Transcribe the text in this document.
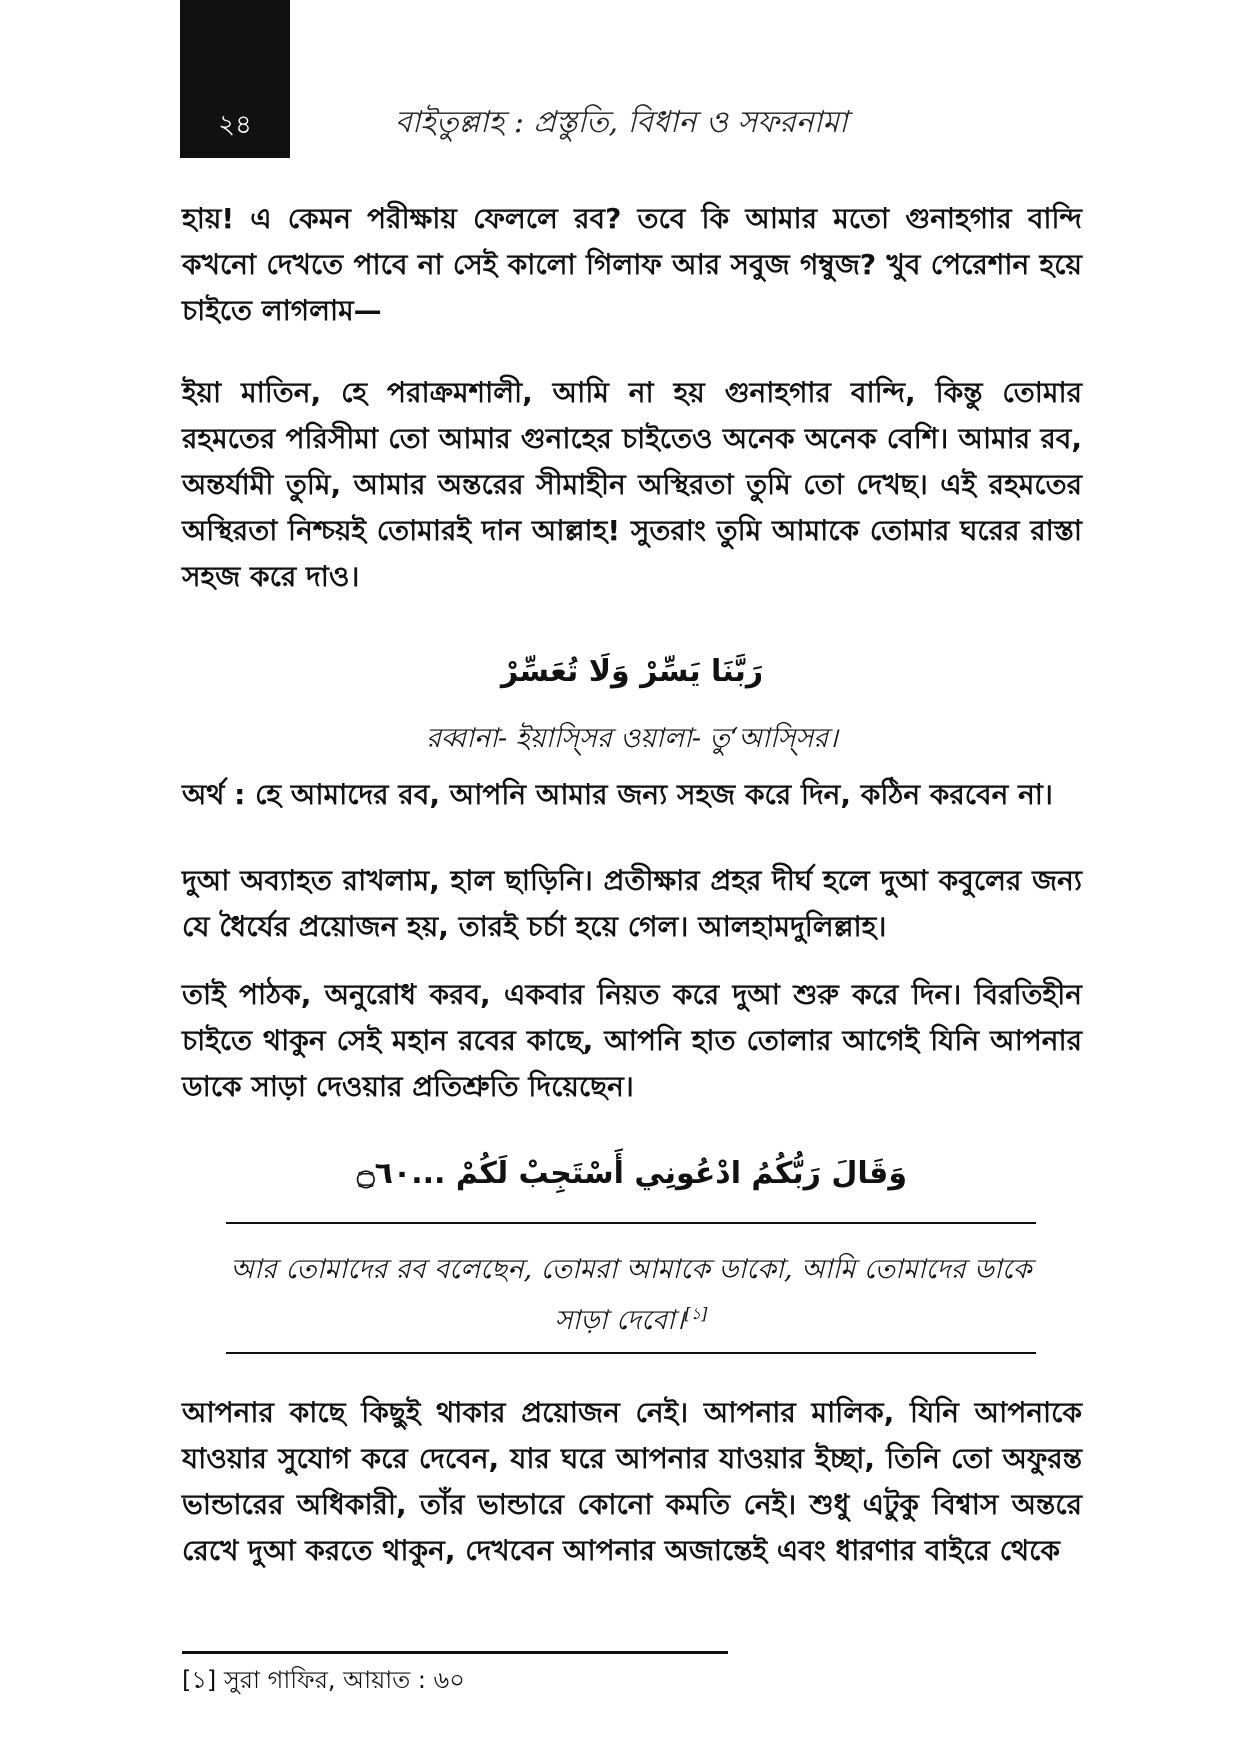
২৪	বাইতুল্লাহ : প্রস্তুতি, বিধান ও সফরনামা

হায়! এ কেমন পরীক্ষায় ফেললে রব? তবে কি আমার মতো গুনাহগার বান্দি কখনো দেখতে পাবে না সেই কালো গিলাফ আর সবুজ গম্বুজ? খুব পেরেশান হয়ে চাইতে লাগলাম—

ইয়া মাতিন, হে পরাক্রমশালী, আমি না হয় গুনাহগার বান্দি, কিন্তু তোমার রহমতের পরিসীমা তো আমার গুনাহের চাইতেও অনেক অনেক বেশি। আমার রব, অন্তর্যামী তুমি, আমার অন্তরের সীমাহীন অস্থিরতা তুমি তো দেখছ। এই রহমতের অস্থিরতা নিশ্চয়ই তোমারই দান আল্লাহ! সুতরাং তুমি আমাকে তোমার ঘরের রাস্তা সহজ করে দাও।

رَبَّنَا يَسِّرْ وَلَا تُعَسِّرْ
রব্বানা- ইয়াস্সির ওয়ালা- তু‘আস্সির।

অর্থ : হে আমাদের রব, আপনি আমার জন্য সহজ করে দিন, কঠিন করবেন না।

দুআ অব্যাহত রাখলাম, হাল ছাড়িনি। প্রতীক্ষার প্রহর দীর্ঘ হলে দুআ কবুলের জন্য যে ধৈর্যের প্রয়োজন হয়, তারই চর্চা হয়ে গেল। আলহামদুলিল্লাহ।

তাই পাঠক, অনুরোধ করব, একবার নিয়ত করে দুআ শুরু করে দিন। বিরতিহীন চাইতে থাকুন সেই মহান রবের কাছে, আপনি হাত তোলার আগেই যিনি আপনার ডাকে সাড়া দেওয়ার প্রতিশ্রুতি দিয়েছেন।

وَقَالَ رَبُّكُمُ ادْعُونِي أَسْتَجِبْ لَكُمْ ...۝٦٠

আর তোমাদের রব বলেছেন, তোমরা আমাকে ডাকো, আমি তোমাদের ডাকে সাড়া দেবো।[১]

আপনার কাছে কিছুই থাকার প্রয়োজন নেই। আপনার মালিক, যিনি আপনাকে যাওয়ার সুযোগ করে দেবেন, যার ঘরে আপনার যাওয়ার ইচ্ছা, তিনি তো অফুরন্ত ভান্ডারের অধিকারী, তাঁর ভান্ডারে কোনো কমতি নেই। শুধু এটুকু বিশ্বাস অন্তরে রেখে দুআ করতে থাকুন, দেখবেন আপনার অজান্তেই এবং ধারণার বাইরে থেকে

[১] সুরা গাফির, আয়াত : ৬০
